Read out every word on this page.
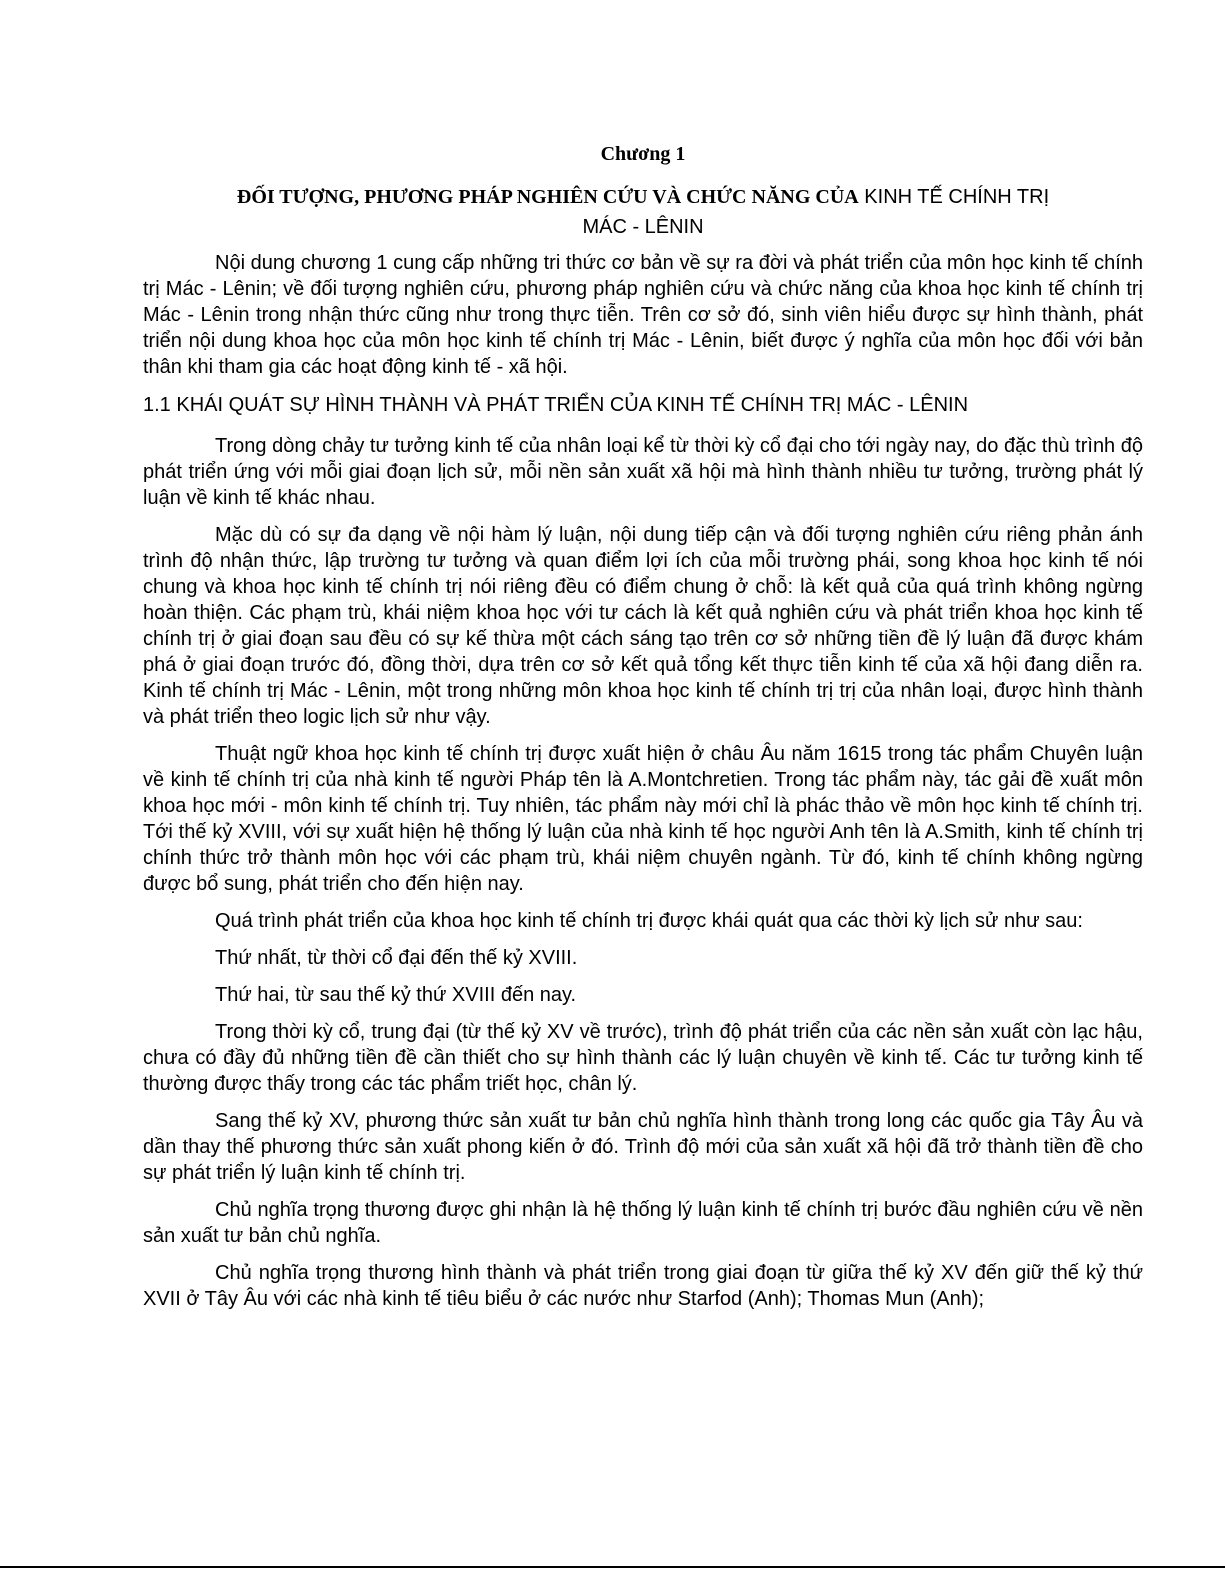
Chương 1
ĐỐI TƯỢNG, PHƯƠNG PHÁP NGHIÊN CỨU VÀ CHỨC NĂNG CỦA KINH TẾ CHÍNH TRỊ
MÁC - LÊNIN

Nội dung chương 1 cung cấp những tri thức cơ bản về sự ra đời và phát triển của môn học kinh tế chính trị Mác - Lênin; về đối tượng nghiên cứu, phương pháp nghiên cứu và chức năng của khoa học kinh tế chính trị Mác - Lênin trong nhận thức cũng như trong thực tiễn. Trên cơ sở đó, sinh viên hiểu được sự hình thành, phát triển nội dung khoa học của môn học kinh tế chính trị Mác - Lênin, biết được ý nghĩa của môn học đối với bản thân khi tham gia các hoạt động kinh tế - xã hội.

1.1 KHÁI QUÁT SỰ HÌNH THÀNH VÀ PHÁT TRIỂN CỦA KINH TẾ CHÍNH TRỊ MÁC - LÊNIN

Trong dòng chảy tư tưởng kinh tế của nhân loại kể từ thời kỳ cổ đại cho tới ngày nay, do đặc thù trình độ phát triển ứng với mỗi giai đoạn lịch sử, mỗi nền sản xuất xã hội mà hình thành nhiều tư tưởng, trường phát lý luận về kinh tế khác nhau.

Mặc dù có sự đa dạng về nội hàm lý luận, nội dung tiếp cận và đối tượng nghiên cứu riêng phản ánh trình độ nhận thức, lập trường tư tưởng và quan điểm lợi ích của mỗi trường phái, song khoa học kinh tế nói chung và khoa học kinh tế chính trị nói riêng đều có điểm chung ở chỗ: là kết quả của quá trình không ngừng hoàn thiện. Các phạm trù, khái niệm khoa học với tư cách là kết quả nghiên cứu và phát triển khoa học kinh tế chính trị ở giai đoạn sau đều có sự kế thừa một cách sáng tạo trên cơ sở những tiền đề lý luận đã được khám phá ở giai đoạn trước đó, đồng thời, dựa trên cơ sở kết quả tổng kết thực tiễn kinh tế của xã hội đang diễn ra. Kinh tế chính trị Mác - Lênin, một trong những môn khoa học kinh tế chính trị trị của nhân loại, được hình thành và phát triển theo logic lịch sử như vậy.

Thuật ngữ khoa học kinh tế chính trị được xuất hiện ở châu Âu năm 1615 trong tác phẩm Chuyên luận về kinh tế chính trị của nhà kinh tế người Pháp tên là A.Montchretien. Trong tác phẩm này, tác gải đề xuất môn khoa học mới - môn kinh tế chính trị. Tuy nhiên, tác phẩm này mới chỉ là phác thảo về môn học kinh tế chính trị. Tới thế kỷ XVIII, với sự xuất hiện hệ thống lý luận của nhà kinh tế học người Anh tên là A.Smith, kinh tế chính trị chính thức trở thành môn học với các phạm trù, khái niệm chuyên ngành. Từ đó, kinh tế chính không ngừng được bổ sung, phát triển cho đến hiện nay.

Quá trình phát triển của khoa học kinh tế chính trị được khái quát qua các thời kỳ lịch sử như sau:

Thứ nhất, từ thời cổ đại đến thế kỷ XVIII.

Thứ hai, từ sau thế kỷ thứ XVIII đến nay.

Trong thời kỳ cổ, trung đại (từ thế kỷ XV về trước), trình độ phát triển của các nền sản xuất còn lạc hậu, chưa có đầy đủ những tiền đề cần thiết cho sự hình thành các lý luận chuyên về kinh tế. Các tư tưởng kinh tế thường được thấy trong các tác phẩm triết học, chân lý.

Sang thế kỷ XV, phương thức sản xuất tư bản chủ nghĩa hình thành trong long các quốc gia Tây Âu và dần thay thế phương thức sản xuất phong kiến ở đó. Trình độ mới của sản xuất xã hội đã trở thành tiền đề cho sự phát triển lý luận kinh tế chính trị.

Chủ nghĩa trọng thương được ghi nhận là hệ thống lý luận kinh tế chính trị bước đầu nghiên cứu về nền sản xuất tư bản chủ nghĩa.

Chủ nghĩa trọng thương hình thành và phát triển trong giai đoạn từ giữa thế kỷ XV đến giữ thế kỷ thứ XVII ở Tây Âu với các nhà kinh tế tiêu biểu ở các nước như Starfod (Anh); Thomas Mun (Anh);
